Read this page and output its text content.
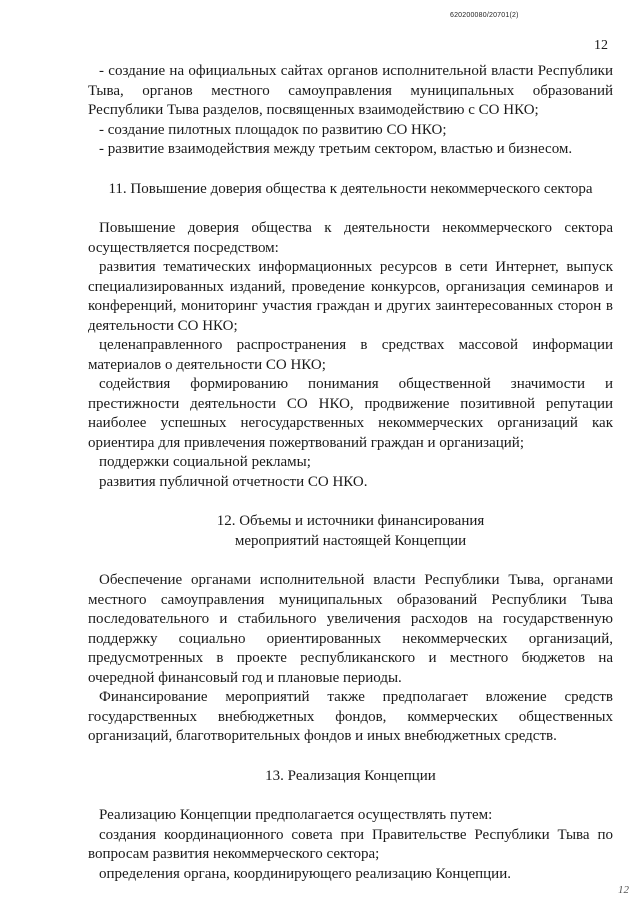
620200080/20701(2)
12

- создание на официальных сайтах органов исполнительной власти Республики Тыва, органов местного самоуправления муниципальных образований Республики Тыва разделов, посвященных взаимодействию с СО НКО;

- создание пилотных площадок по развитию СО НКО;

- развитие взаимодействия между третьим сектором, властью и бизнесом.

11. Повышение доверия общества к деятельности некоммерческого сектора

Повышение доверия общества к деятельности некоммерческого сектора осуществляется посредством:

развития тематических информационных ресурсов в сети Интернет, выпуск специализированных изданий, проведение конкурсов, организация семинаров и конференций, мониторинг участия граждан и других заинтересованных сторон в деятельности СО НКО;

целенаправленного распространения в средствах массовой информации материалов о деятельности СО НКО;

содействия формированию понимания общественной значимости и престижности деятельности СО НКО, продвижение позитивной репутации наиболее успешных негосударственных некоммерческих организаций как ориентира для привлечения пожертвований граждан и организаций;

поддержки социальной рекламы;

развития публичной отчетности СО НКО.

12. Объемы и источники финансирования

мероприятий настоящей Концепции

Обеспечение органами исполнительной власти Республики Тыва, органами местного самоуправления муниципальных образований Республики Тыва последовательного и стабильного увеличения расходов на государственную поддержку социально ориентированных некоммерческих организаций, предусмотренных в проекте республиканского и местного бюджетов на очередной финансовый год и плановые периоды.

Финансирование мероприятий также предполагает вложение средств государственных внебюджетных фондов, коммерческих общественных организаций, благотворительных фондов и иных внебюджетных средств.

13. Реализация Концепции

Реализацию Концепции предполагается осуществлять путем:

создания координационного совета при Правительстве Республики Тыва по вопросам развития некоммерческого сектора;

определения органа, координирующего реализацию Концепции.

12
